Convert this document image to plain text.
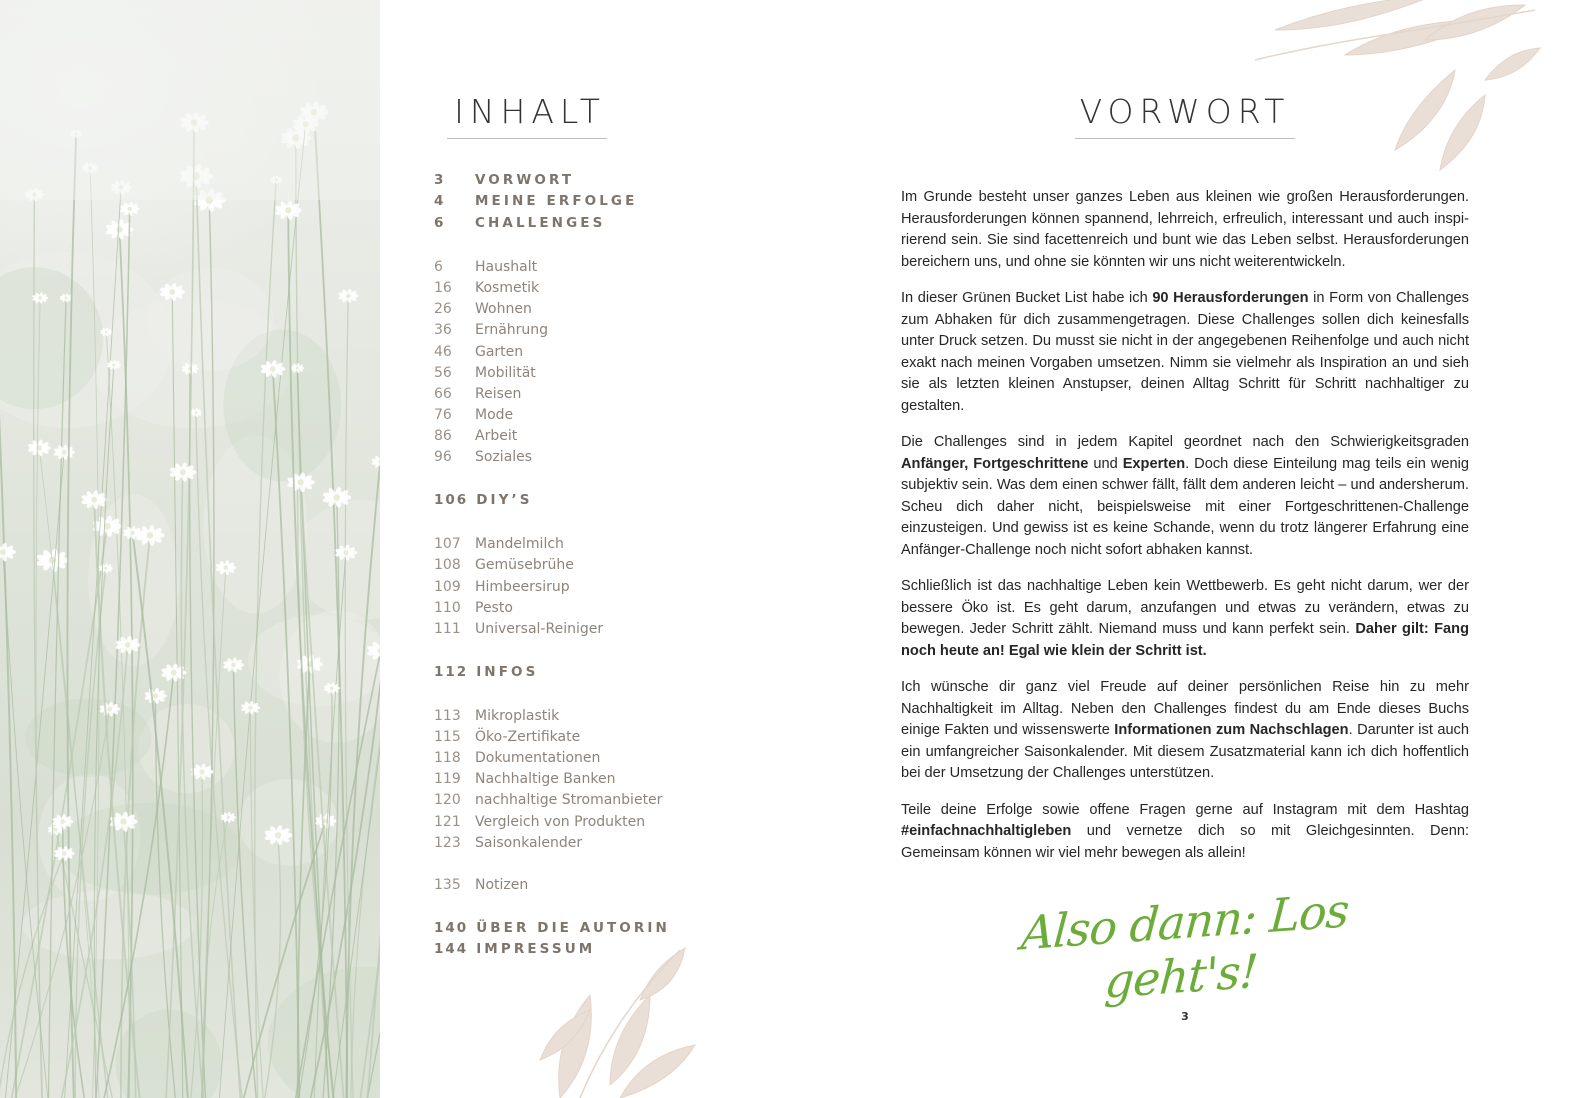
INHALT
3 VORWORT
4 MEINE ERFOLGE
6 CHALLENGES
6 Haushalt
16 Kosmetik
26 Wohnen
36 Ernährung
46 Garten
56 Mobilität
66 Reisen
76 Mode
86 Arbeit
96 Soziales
106 DIY’S
107 Mandelmilch
108 Gemüsebrühe
109 Himbeersirup
110 Pesto
111 Universal-Reiniger
112 INFOS
113 Mikroplastik
115 Öko-Zertifikate
118 Dokumentationen
119 Nachhaltige Banken
120 nachhaltige Stromanbieter
121 Vergleich von Produkten
123 Saisonkalender
135 Notizen
140 ÜBER DIE AUTORIN
144 IMPRESSUM
VORWORT

Im Grunde besteht unser ganzes Leben aus kleinen wie großen Herausforderungen. Herausforderungen können spannend, lehrreich, erfreulich, interessant und auch inspirierend sein. Sie sind facettenreich und bunt wie das Leben selbst. Herausforderungen bereichern uns, und ohne sie könnten wir uns nicht weiterentwickeln.

In dieser Grünen Bucket List habe ich 90 Herausforderungen in Form von Challenges zum Abhaken für dich zusammengetragen. Diese Challenges sollen dich keinesfalls unter Druck setzen. Du musst sie nicht in der angegebenen Reihenfolge und auch nicht exakt nach meinen Vorgaben umsetzen. Nimm sie vielmehr als Inspiration an und sieh sie als letzten kleinen Anstupser, deinen Alltag Schritt für Schritt nachhaltiger zu gestalten.

Die Challenges sind in jedem Kapitel geordnet nach den Schwierigkeitsgraden Anfänger, Fortgeschrittene und Experten. Doch diese Einteilung mag teils ein wenig subjektiv sein. Was dem einen schwer fällt, fällt dem anderen leicht – und andersherum. Scheu dich daher nicht, beispielsweise mit einer Fortgeschrittenen-Challenge einzusteigen. Und gewiss ist es keine Schande, wenn du trotz längerer Erfahrung eine Anfänger-Challenge noch nicht sofort abhaken kannst.

Schließlich ist das nachhaltige Leben kein Wettbewerb. Es geht nicht darum, wer der bessere Öko ist. Es geht darum, anzufangen und etwas zu verändern, etwas zu bewegen. Jeder Schritt zählt. Niemand muss und kann perfekt sein. Daher gilt: Fang noch heute an! Egal wie klein der Schritt ist.

Ich wünsche dir ganz viel Freude auf deiner persönlichen Reise hin zu mehr Nachhaltigkeit im Alltag. Neben den Challenges findest du am Ende dieses Buchs einige Fakten und wissenswerte Informationen zum Nachschlagen. Darunter ist auch ein umfangreicher Saisonkalender. Mit diesem Zusatzmaterial kann ich dich hoffentlich bei der Umsetzung der Challenges unterstützen.

Teile deine Erfolge sowie offene Fragen gerne auf Instagram mit dem Hashtag #einfachnachhaltigleben und vernetze dich so mit Gleichgesinnten. Denn: Gemeinsam können wir viel mehr bewegen als allein!

Also dann: Los geht's!
3
